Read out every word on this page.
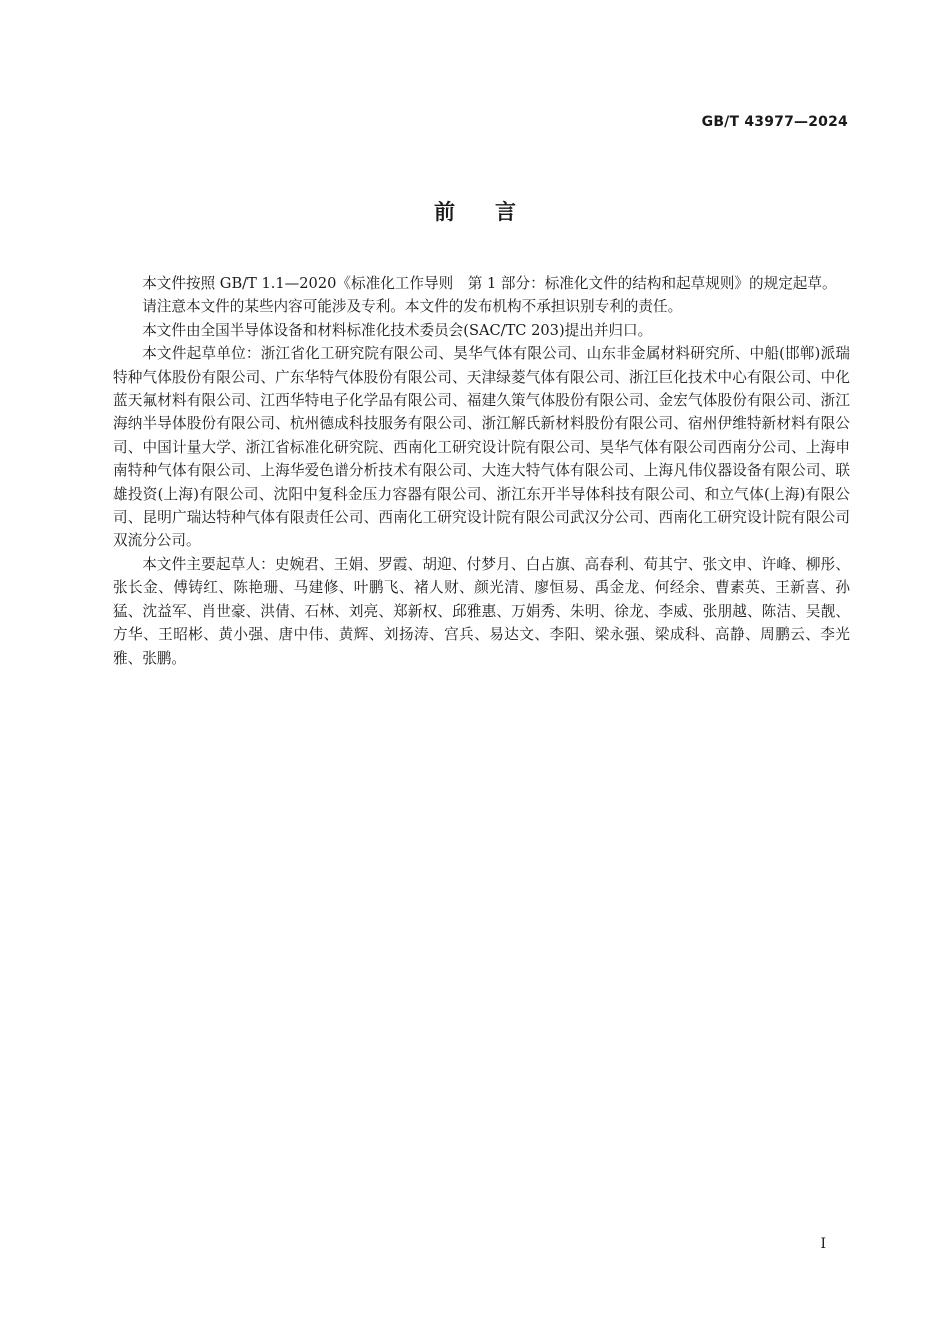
GB/T 43977—2024
前言

本文件按照 GB/T 1.1—2020《标准化工作导则　第 1 部分：标准化文件的结构和起草规则》的规定起草。

请注意本文件的某些内容可能涉及专利。本文件的发布机构不承担识别专利的责任。

本文件由全国半导体设备和材料标准化技术委员会(SAC/TC 203)提出并归口。

本文件起草单位：浙江省化工研究院有限公司、昊华气体有限公司、山东非金属材料研究所、中船(邯郸)派瑞特种气体股份有限公司、广东华特气体股份有限公司、天津绿菱气体有限公司、浙江巨化技术中心有限公司、中化蓝天氟材料有限公司、江西华特电子化学品有限公司、福建久策气体股份有限公司、金宏气体股份有限公司、浙江海纳半导体股份有限公司、杭州德成科技服务有限公司、浙江解氏新材料股份有限公司、宿州伊维特新材料有限公司、中国计量大学、浙江省标准化研究院、西南化工研究设计院有限公司、昊华气体有限公司西南分公司、上海申南特种气体有限公司、上海华爱色谱分析技术有限公司、大连大特气体有限公司、上海凡伟仪器设备有限公司、联雄投资(上海)有限公司、沈阳中复科金压力容器有限公司、浙江东开半导体科技有限公司、和立气体(上海)有限公司、昆明广瑞达特种气体有限责任公司、西南化工研究设计院有限公司武汉分公司、西南化工研究设计院有限公司双流分公司。

本文件主要起草人：史婉君、王娟、罗霞、胡迎、付梦月、白占旗、高春利、荀其宁、张文申、许峰、柳彤、张长金、傅铸红、陈艳珊、马建修、叶鹏飞、褚人财、颜光清、廖恒易、禹金龙、何经余、曹素英、王新喜、孙猛、沈益军、肖世豪、洪倩、石林、刘亮、郑新权、邱雅惠、万娟秀、朱明、徐龙、李威、张朋越、陈洁、吴靓、方华、王昭彬、黄小强、唐中伟、黄辉、刘扬涛、宫兵、易达文、李阳、梁永强、梁成科、高静、周鹏云、李光雅、张鹏。

I
